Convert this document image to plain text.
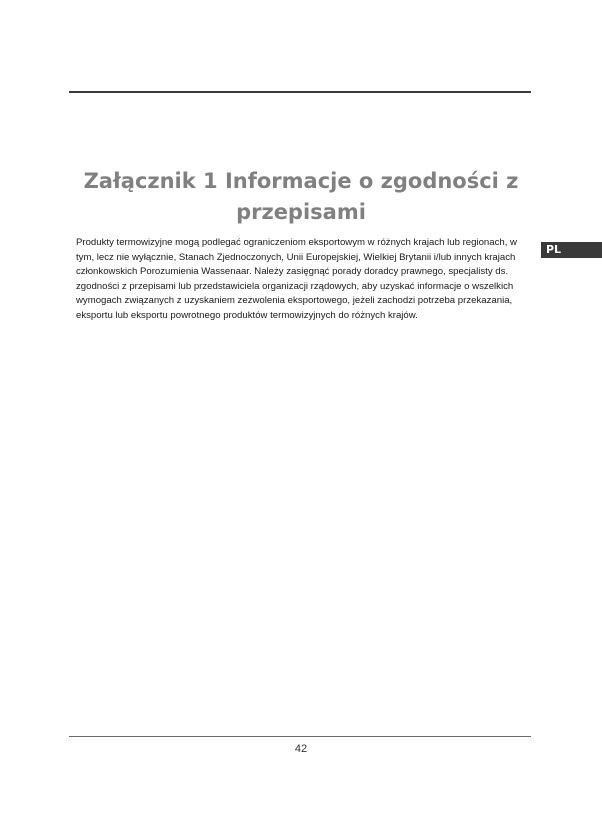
Załącznik 1 Informacje o zgodności z przepisami

Produkty termowizyjne mogą podlegać ograniczeniom eksportowym w różnych krajach lub regionach, w tym, lecz nie wyłącznie, Stanach Zjednoczonych, Unii Europejskiej, Wielkiej Brytanii i/lub innych krajach członkowskich Porozumienia Wassenaar. Należy zasięgnąć porady doradcy prawnego, specjalisty ds. zgodności z przepisami lub przedstawiciela organizacji rządowych, aby uzyskać informacje o wszelkich wymogach związanych z uzyskaniem zezwolenia eksportowego, jeżeli zachodzi potrzeba przekazania, eksportu lub eksportu powrotnego produktów termowizyjnych do różnych krajów.

PL
42
